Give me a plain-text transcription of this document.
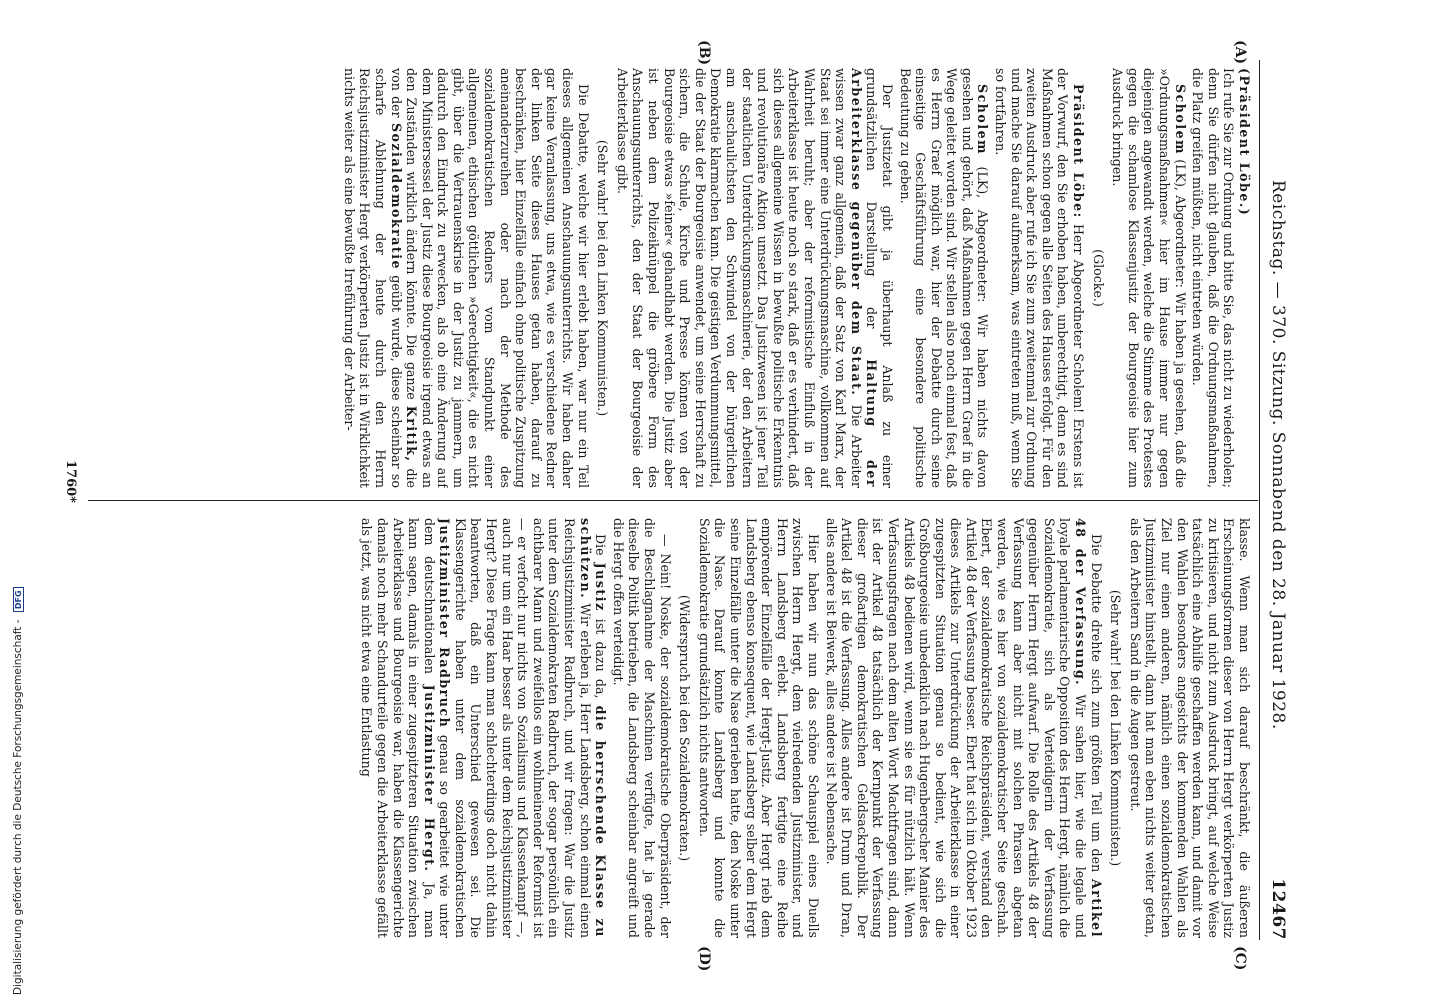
Reichstag. — 370. Sitzung. Sonnabend den 28. Januar 1928.
12467
(A)
(B)
(C)
(D)

(Präsident Löbe.)
Ich rufe Sie zur Ordnung und bitte Sie, das nicht zu wiederholen; denn Sie dürfen nicht glauben, daß die Ordnungsmaßnahmen, die Platz greifen müßten, nicht eintreten würden.

Scholem (LK), Abgeordneter: Wir haben ja gesehen, daß die »Ordnungsmaßnahmen« hier im Hause immer nur gegen diejenigen angewandt werden, welche die Stimme des Protestes gegen die schamlose Klassenjustiz der Bourgeoisie hier zum Ausdruck bringen.

(Glocke.)

Präsident Löbe: Herr Abgeordneter Scholem! Erstens ist der Vorwurf, den Sie erhoben haben, unberechtigt, denn es sind Maßnahmen schon gegen alle Seiten des Hauses erfolgt. Für den zweiten Ausdruck aber rufe ich Sie zum zweitenmal zur Ordnung und mache Sie darauf aufmerksam, was eintreten muß, wenn Sie so fortfahren.

Scholem (LK), Abgeordneter: Wir haben nichts davon gesehen und gehört, daß Maßnahmen gegen Herrn Graef in die Wege geleitet worden sind. Wir stellen also noch einmal fest, daß es Herrn Graef möglich war, hier der Debatte durch seine einseitige Geschäftsführung eine besondere politische Bedeutung zu geben.

Der Justizetat gibt ja überhaupt Anlaß zu einer grundsätzlichen Darstellung der Haltung der Arbeiterklasse gegenüber dem Staat. Die Arbeiter wissen zwar ganz allgemein, daß der Satz von Karl Marx, der Staat sei immer eine Unterdrückungsmaschine, vollkommen auf Wahrheit beruht; aber der reformistische Einfluß in der Arbeiterklasse ist heute noch so stark, daß er es verhindert, daß sich dieses allgemeine Wissen in bewußte politische Erkenntnis und revolutionäre Aktion umsetzt. Das Justizwesen ist jener Teil der staatlichen Unterdrückungsmaschinerie, der den Arbeitern am anschaulichsten den Schwindel von der bürgerlichen Demokratie klarmachen kann. Die geistigen Verdummungsmittel, die der Staat der Bourgeoisie anwendet, um seine Herrschaft zu sichern, die Schule, Kirche und Presse können von der Bourgeoisie etwas »feiner« gehandhabt werden. Die Justiz aber ist neben dem Polizeiknüppel die gröbere Form des Anschauungsunterrichts, den der Staat der Bourgeoisie der Arbeiterklasse gibt.

(Sehr wahr! bei den Linken Kommunisten.)

Die Debatte, welche wir hier erlebt haben, war nur ein Teil dieses allgemeinen Anschauungsunterrichts. Wir haben daher gar keine Veranlassung, uns etwa, wie es verschiedene Redner der linken Seite dieses Hauses getan haben, darauf zu beschränken, hier Einzelfälle einfach ohne politische Zuspitzung aneinanderzureihen oder nach der Methode des sozialdemokratischen Redners vom Standpunkt einer allgemeinen, ethischen göttlichen »Gerechtigkeit«, die es nicht gibt, über die Vertrauenskrise in der Justiz zu jammern, um dadurch den Eindruck zu erwecken, als ob eine Änderung auf dem Ministersessel der Justiz diese Bourgeoisie irgend etwas an den Zuständen wirklich ändern könnte. Die ganze Kritik, die von der Sozialdemokratie geübt wurde, diese scheinbar so scharfe Ablehnung der heute durch den Herrn Reichsjustizminister Hergt verkörperten Justiz ist in Wirklichkeit nichts weiter als eine bewußte Irreführung der Arbeiter-

klasse. Wenn man sich darauf beschränkt, die äußeren Erscheinungsformen dieser von Herrn Hergt verkörperten Justiz zu kritisieren, und nicht zum Ausdruck bringt, auf welche Weise tatsächlich eine Abhilfe geschaffen werden kann, und damit vor den Wahlen besonders angesichts der kommenden Wahlen als Ziel nur einen anderen, nämlich einen sozialdemokratischen Justizminister hinstellt, dann hat man eben nichts weiter getan, als den Arbeitern Sand in die Augen gestreut.

(Sehr wahr! bei den Linken Kommunisten.)

Die Debatte drehte sich zum größten Teil um den Artikel 48 der Verfassung. Wir sahen hier, wie die legale und loyale parlamentarische Opposition des Herrn Hergt, nämlich die Sozialdemokratie, sich als Verteidigerin der Verfassung gegenüber Herrn Hergt aufwarf. Die Rolle des Artikels 48 der Verfassung kann aber nicht mit solchen Phrasen abgetan werden, wie es hier von sozialdemokratischer Seite geschah. Ebert, der sozialdemokratische Reichspräsident, verstand den Artikel 48 der Verfassung besser. Ebert hat sich im Oktober 1923 dieses Artikels zur Unterdrückung der Arbeiterklasse in einer zugespitzten Situation genau so bedient, wie sich die Großbourgeoisie unbedenklich nach Hugenbergscher Manier des Artikels 48 bedienen wird, wenn sie es für nützlich hält. Wenn Verfassungsfragen nach dem alten Wort Machtfragen sind, dann ist der Artikel 48 tatsächlich der Kernpunkt der Verfassung dieser großartigen demokratischen Geldsackrepublik. Der Artikel 48 ist die Verfassung. Alles andere ist Drum und Dran, alles andere ist Beiwerk, alles andere ist Nebensache.

Hier haben wir nun das schöne Schauspiel eines Duells zwischen Herrn Hergt, dem vielredenden Justizminister, und Herrn Landsberg erlebt. Landsberg fertigte eine Reihe empörender Einzelfälle der Hergt-Justiz. Aber Hergt rieb dem Landsberg ebenso konsequent, wie Landsberg selber dem Hergt seine Einzelfälle unter die Nase gerieben hatte, den Noske unter die Nase. Darauf konnte Landsberg und konnte die Sozialdemokratie grundsätzlich nichts antworten.

(Widerspruch bei den Sozialdemokraten.)

— Nein! Noske, der sozialdemokratische Oberpräsident, der die Beschlagnahme der Maschinen verfügte, hat ja gerade dieselbe Politik betrieben, die Landsberg scheinbar angreift und die Hergt offen verteidigt.

Die Justiz ist dazu da, die herrschende Klasse zu schützen. Wir erleben ja, Herr Landsberg, schon einmal einen Reichsjustizminister Radbruch, und wir fragen: War die Justiz unter dem Sozialdemokraten Radbruch, der sogar persönlich ein achtbarer Mann und zweifellos ein wohlmeinender Reformist ist — er verfocht nur nichts von Sozialismus und Klassenkampf —, auch nur um ein Haar besser als unter dem Reichsjustizminister Hergt? Diese Frage kann man schlechterdings doch nicht dahin beantworten, daß ein Unterschied gewesen sei. Die Klassengerichte haben unter dem sozialdemokratischen Justizminister Radbruch genau so gearbeitet wie unter dem deutschnationalen Justizminister Hergt. Ja, man kann sagen, damals in einer zugespitzteren Situation zwischen Arbeiterklasse und Bourgeoisie war, haben die Klassengerichte damals noch mehr Schandurteile gegen die Arbeiterklasse gefällt als jetzt, was nicht etwa eine Entlastung

1760*
Digitalisierung gefördert durch die Deutsche Forschungsgemeinschaft - DFG
